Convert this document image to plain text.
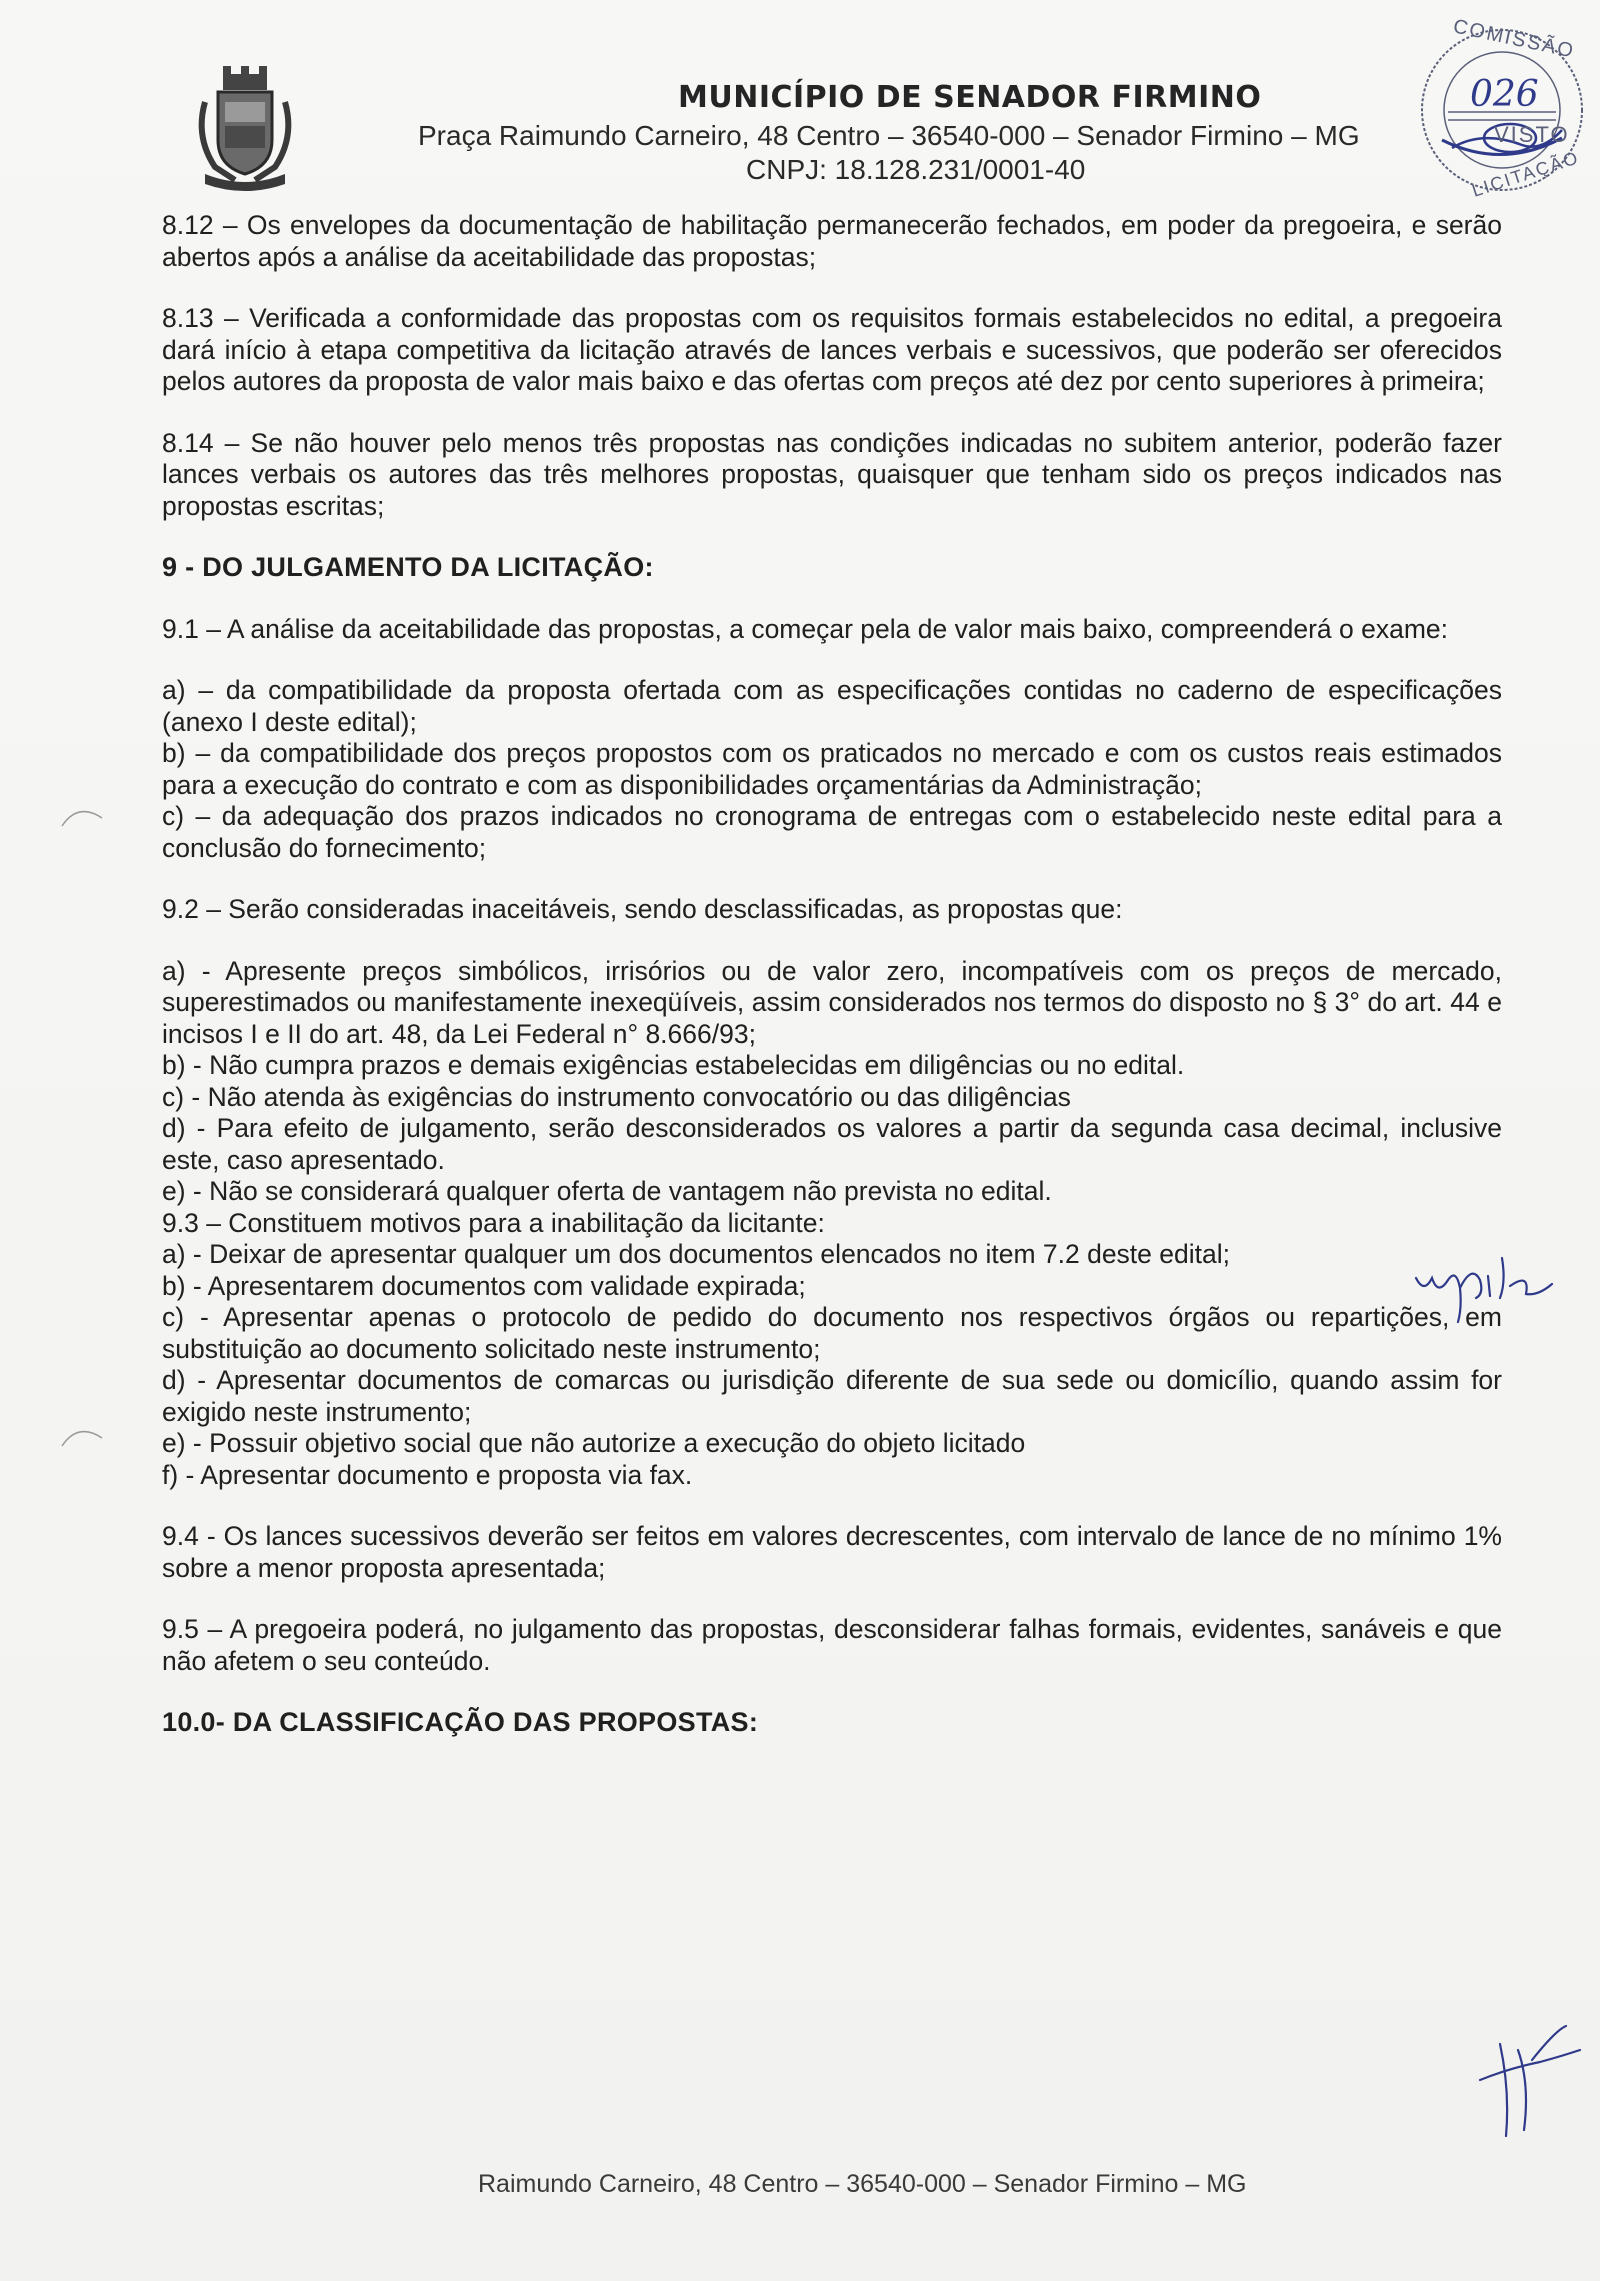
MUNICÍPIO DE SENADOR FIRMINO
Praça Raimundo Carneiro, 48 Centro – 36540-000 – Senador Firmino – MG
CNPJ: 18.128.231/0001-40
COMISSÃO
026
VISTO
LICITAÇÃO

8.12 – Os envelopes da documentação de habilitação permanecerão fechados, em poder da pregoeira, e serão abertos após a análise da aceitabilidade das propostas;

8.13 – Verificada a conformidade das propostas com os requisitos formais estabelecidos no edital, a pregoeira dará início à etapa competitiva da licitação através de lances verbais e sucessivos, que poderão ser oferecidos pelos autores da proposta de valor mais baixo e das ofertas com preços até dez por cento superiores à primeira;

8.14 – Se não houver pelo menos três propostas nas condições indicadas no subitem anterior, poderão fazer lances verbais os autores das três melhores propostas, quaisquer que tenham sido os preços indicados nas propostas escritas;

9 - DO JULGAMENTO DA LICITAÇÃO:

9.1 – A análise da aceitabilidade das propostas, a começar pela de valor mais baixo, compreenderá o exame:

a) – da compatibilidade da proposta ofertada com as especificações contidas no caderno de especificações (anexo I deste edital);

b) – da compatibilidade dos preços propostos com os praticados no mercado e com os custos reais estimados para a execução do contrato e com as disponibilidades orçamentárias da Administração;

c) – da adequação dos prazos indicados no cronograma de entregas com o estabelecido neste edital para a conclusão do fornecimento;

9.2 – Serão consideradas inaceitáveis, sendo desclassificadas, as propostas que:

a) - Apresente preços simbólicos, irrisórios ou de valor zero, incompatíveis com os preços de mercado, superestimados ou manifestamente inexeqüíveis, assim considerados nos termos do disposto no § 3° do art. 44 e incisos I e II do art. 48, da Lei Federal n° 8.666/93;

b) - Não cumpra prazos e demais exigências estabelecidas em diligências ou no edital.

c) - Não atenda às exigências do instrumento convocatório ou das diligências

d) - Para efeito de julgamento, serão desconsiderados os valores a partir da segunda casa decimal, inclusive este, caso apresentado.

e) - Não se considerará qualquer oferta de vantagem não prevista no edital.

9.3 – Constituem motivos para a inabilitação da licitante:

a) - Deixar de apresentar qualquer um dos documentos elencados no item 7.2 deste edital;

b) - Apresentarem documentos com validade expirada;

c) - Apresentar apenas o protocolo de pedido do documento nos respectivos órgãos ou repartições, em substituição ao documento solicitado neste instrumento;

d) - Apresentar documentos de comarcas ou jurisdição diferente de sua sede ou domicílio, quando assim for exigido neste instrumento;

e) - Possuir objetivo social que não autorize a execução do objeto licitado

f) - Apresentar documento e proposta via fax.

9.4 - Os lances sucessivos deverão ser feitos em valores decrescentes, com intervalo de lance de no mínimo 1% sobre a menor proposta apresentada;

9.5 – A pregoeira poderá, no julgamento das propostas, desconsiderar falhas formais, evidentes, sanáveis e que não afetem o seu conteúdo.

10.0- DA CLASSIFICAÇÃO DAS PROPOSTAS:
Raimundo Carneiro, 48 Centro – 36540-000 – Senador Firmino – MG
